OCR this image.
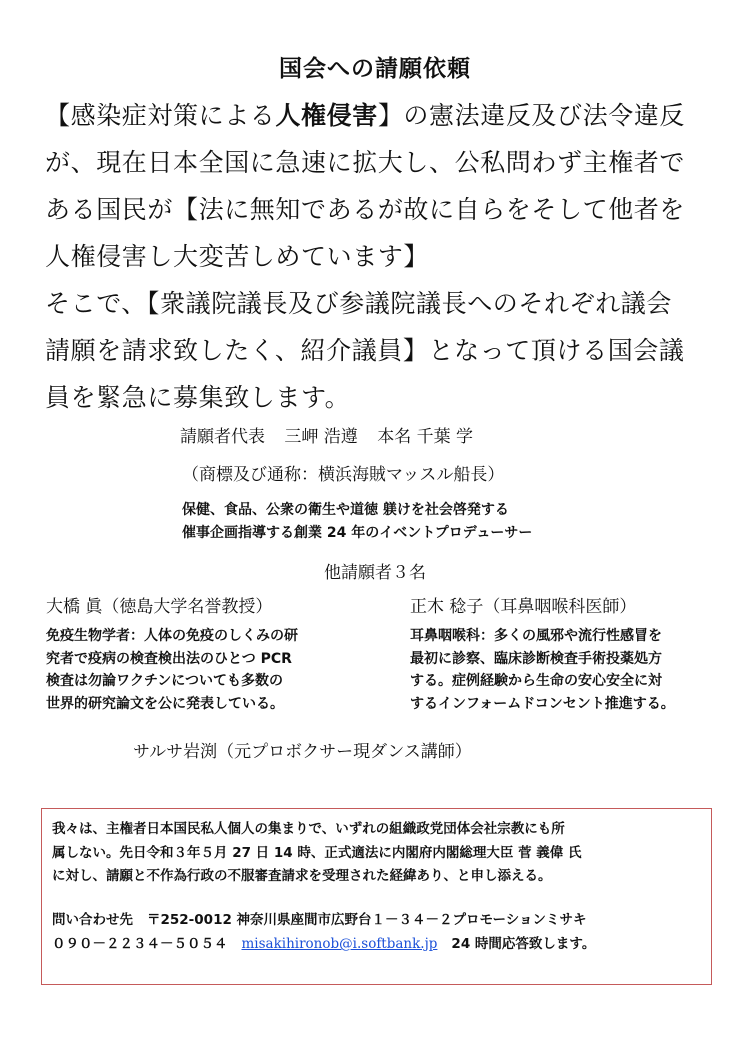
国会への請願依頼

【感染症対策による人権侵害】の憲法違反及び法令違反

が、現在日本全国に急速に拡大し、公私問わず主権者で

ある国民が【法に無知であるが故に自らをそして他者を

人権侵害し大変苦しめています】

そこで、【衆議院議長及び参議院議長へのそれぞれ議会

請願を請求致したく、紹介議員】となって頂ける国会議

員を緊急に募集致します。

請願者代表 三岬 浩遵 本名 千葉 学
（商標及び通称：横浜海賊マッスル船長）

保健、食品、公衆の衛生や道徳 躾けを社会啓発する

催事企画指導する創業 24 年のイベントプロデューサー

他請願者３名
大橋 眞（徳島大学名誉教授）	正木 稔子（耳鼻咽喉科医師）

免疫生物学者：人体の免疫のしくみの研

究者で疫病の検査検出法のひとつ PCR

検査は勿論ワクチンについても多数の

世界的研究論文を公に発表している。

耳鼻咽喉科：多くの風邪や流行性感冒を

最初に診察、臨床診断検査手術投薬処方

する。症例経験から生命の安心安全に対

するインフォームドコンセント推進する。

サルサ岩渕（元プロボクサー現ダンス講師）

我々は、主権者日本国民私人個人の集まりで、いずれの組織政党団体会社宗教にも所

属しない。先日令和３年５月 27 日 14 時、正式適法に内閣府内閣総理大臣 菅 義偉 氏

に対し、請願と不作為行政の不服審査請求を受理された経緯あり、と申し添える。

問い合わせ先 〒252-0012 神奈川県座間市広野台１－３４－２プロモーションミサキ

０９０－２２３４－５０５４ misakihironob@i.softbank.jp 24 時間応答致します。
